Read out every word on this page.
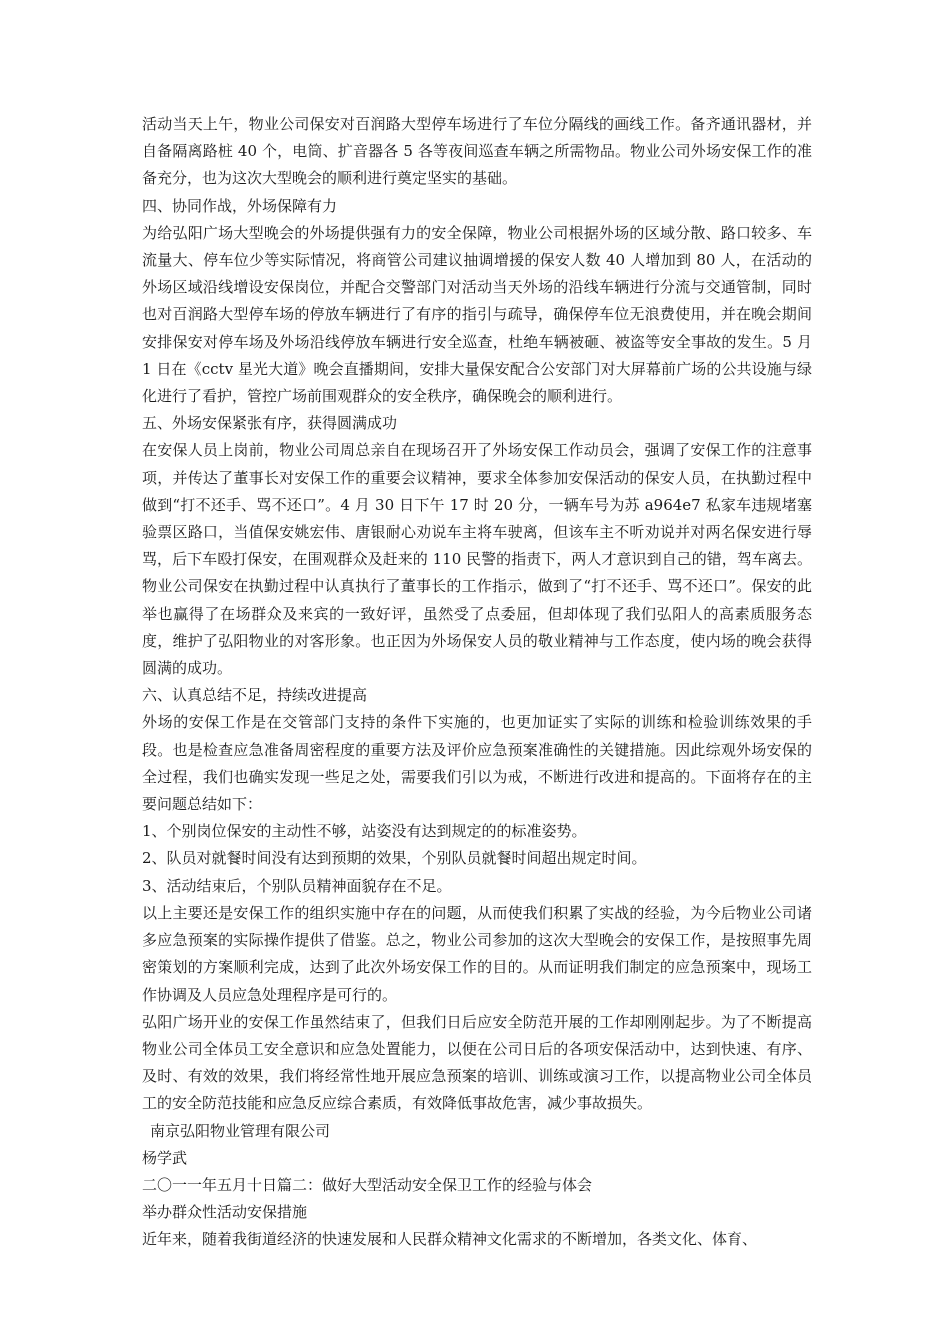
活动当天上午，物业公司保安对百润路大型停车场进行了车位分隔线的画线工作。备齐通讯器材，并自备隔离路桩 40 个，电筒、扩音器各 5 各等夜间巡查车辆之所需物品。物业公司外场安保工作的准备充分，也为这次大型晚会的顺利进行奠定坚实的基础。

四、协同作战，外场保障有力

为给弘阳广场大型晚会的外场提供强有力的安全保障，物业公司根据外场的区域分散、路口较多、车流量大、停车位少等实际情况，将商管公司建议抽调增援的保安人数 40 人增加到 80 人，在活动的外场区域沿线增设安保岗位，并配合交警部门对活动当天外场的沿线车辆进行分流与交通管制，同时也对百润路大型停车场的停放车辆进行了有序的指引与疏导，确保停车位无浪费使用，并在晚会期间安排保安对停车场及外场沿线停放车辆进行安全巡查，杜绝车辆被砸、被盗等安全事故的发生。5 月 1 日在《cctv 星光大道》晚会直播期间，安排大量保安配合公安部门对大屏幕前广场的公共设施与绿化进行了看护，管控广场前围观群众的安全秩序，确保晚会的顺利进行。

五、外场安保紧张有序，获得圆满成功

在安保人员上岗前，物业公司周总亲自在现场召开了外场安保工作动员会，强调了安保工作的注意事项，并传达了董事长对安保工作的重要会议精神，要求全体参加安保活动的保安人员，在执勤过程中做到“打不还手、骂不还口”。4 月 30 日下午 17 时 20 分，一辆车号为苏 a964e7 私家车违规堵塞验票区路口，当值保安姚宏伟、唐银耐心劝说车主将车驶离，但该车主不听劝说并对两名保安进行辱骂，后下车殴打保安，在围观群众及赶来的 110 民警的指责下，两人才意识到自己的错，驾车离去。物业公司保安在执勤过程中认真执行了董事长的工作指示，做到了“打不还手、骂不还口”。保安的此举也赢得了在场群众及来宾的一致好评，虽然受了点委屈，但却体现了我们弘阳人的高素质服务态度，维护了弘阳物业的对客形象。也正因为外场保安人员的敬业精神与工作态度，使内场的晚会获得圆满的成功。

六、认真总结不足，持续改进提高

外场的安保工作是在交管部门支持的条件下实施的，也更加证实了实际的训练和检验训练效果的手段。也是检查应急准备周密程度的重要方法及评价应急预案准确性的关键措施。因此综观外场安保的全过程，我们也确实发现一些足之处，需要我们引以为戒，不断进行改进和提高的。下面将存在的主要问题总结如下：

1、个别岗位保安的主动性不够，站姿没有达到规定的的标准姿势。

2、队员对就餐时间没有达到预期的效果，个别队员就餐时间超出规定时间。

3、活动结束后，个别队员精神面貌存在不足。

以上主要还是安保工作的组织实施中存在的问题，从而使我们积累了实战的经验，为今后物业公司诸多应急预案的实际操作提供了借鉴。总之，物业公司参加的这次大型晚会的安保工作，是按照事先周密策划的方案顺利完成，达到了此次外场安保工作的目的。从而证明我们制定的应急预案中，现场工作协调及人员应急处理程序是可行的。

弘阳广场开业的安保工作虽然结束了，但我们日后应安全防范开展的工作却刚刚起步。为了不断提高物业公司全体员工安全意识和应急处置能力，以便在公司日后的各项安保活动中，达到快速、有序、及时、有效的效果，我们将经常性地开展应急预案的培训、训练或演习工作，以提高物业公司全体员工的安全防范技能和应急反应综合素质，有效降低事故危害，减少事故损失。

南京弘阳物业管理有限公司

杨学武

二〇一一年五月十日篇二：做好大型活动安全保卫工作的经验与体会

举办群众性活动安保措施

近年来，随着我街道经济的快速发展和人民群众精神文化需求的不断增加，各类文化、体育、
